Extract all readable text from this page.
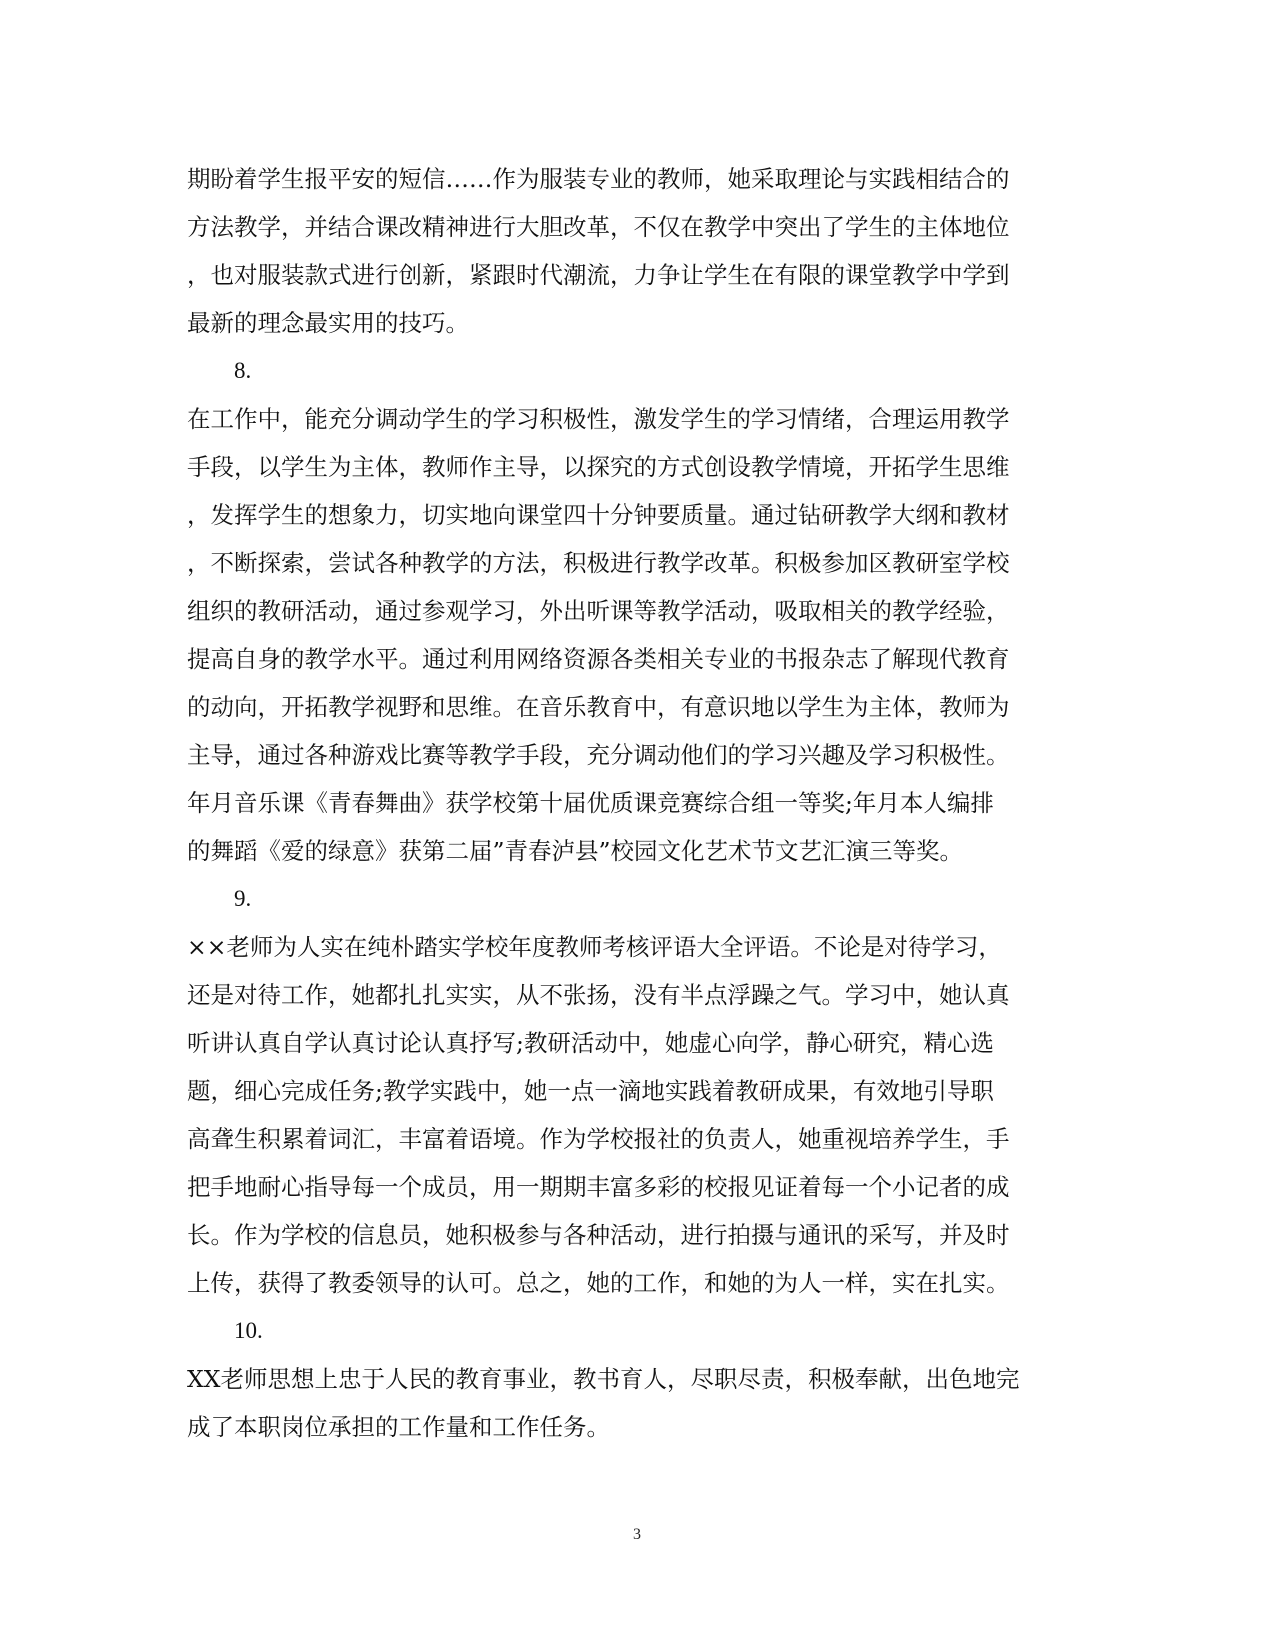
期盼着学生报平安的短信……作为服装专业的教师，她采取理论与实践相结合的
方法教学，并结合课改精神进行大胆改革，不仅在教学中突出了学生的主体地位
，也对服装款式进行创新，紧跟时代潮流，力争让学生在有限的课堂教学中学到
最新的理念最实用的技巧。
8.
在工作中，能充分调动学生的学习积极性，激发学生的学习情绪，合理运用教学
手段，以学生为主体，教师作主导，以探究的方式创设教学情境，开拓学生思维
，发挥学生的想象力，切实地向课堂四十分钟要质量。通过钻研教学大纲和教材
，不断探索，尝试各种教学的方法，积极进行教学改革。积极参加区教研室学校
组织的教研活动，通过参观学习，外出听课等教学活动，吸取相关的教学经验，
提高自身的教学水平。通过利用网络资源各类相关专业的书报杂志了解现代教育
的动向，开拓教学视野和思维。在音乐教育中，有意识地以学生为主体，教师为
主导，通过各种游戏比赛等教学手段，充分调动他们的学习兴趣及学习积极性。
年月音乐课《青春舞曲》获学校第十届优质课竞赛综合组一等奖;年月本人编排
的舞蹈《爱的绿意》获第二届”青春泸县”校园文化艺术节文艺汇演三等奖。
9.
××老师为人实在纯朴踏实学校年度教师考核评语大全评语。不论是对待学习，
还是对待工作，她都扎扎实实，从不张扬，没有半点浮躁之气。学习中，她认真
听讲认真自学认真讨论认真抒写;教研活动中，她虚心向学，静心研究，精心选
题，细心完成任务;教学实践中，她一点一滴地实践着教研成果，有效地引导职
高聋生积累着词汇，丰富着语境。作为学校报社的负责人，她重视培养学生，手
把手地耐心指导每一个成员，用一期期丰富多彩的校报见证着每一个小记者的成
长。作为学校的信息员，她积极参与各种活动，进行拍摄与通讯的采写，并及时
上传，获得了教委领导的认可。总之，她的工作，和她的为人一样，实在扎实。
10.
XX老师思想上忠于人民的教育事业，教书育人，尽职尽责，积极奉献，出色地完
成了本职岗位承担的工作量和工作任务。
3
